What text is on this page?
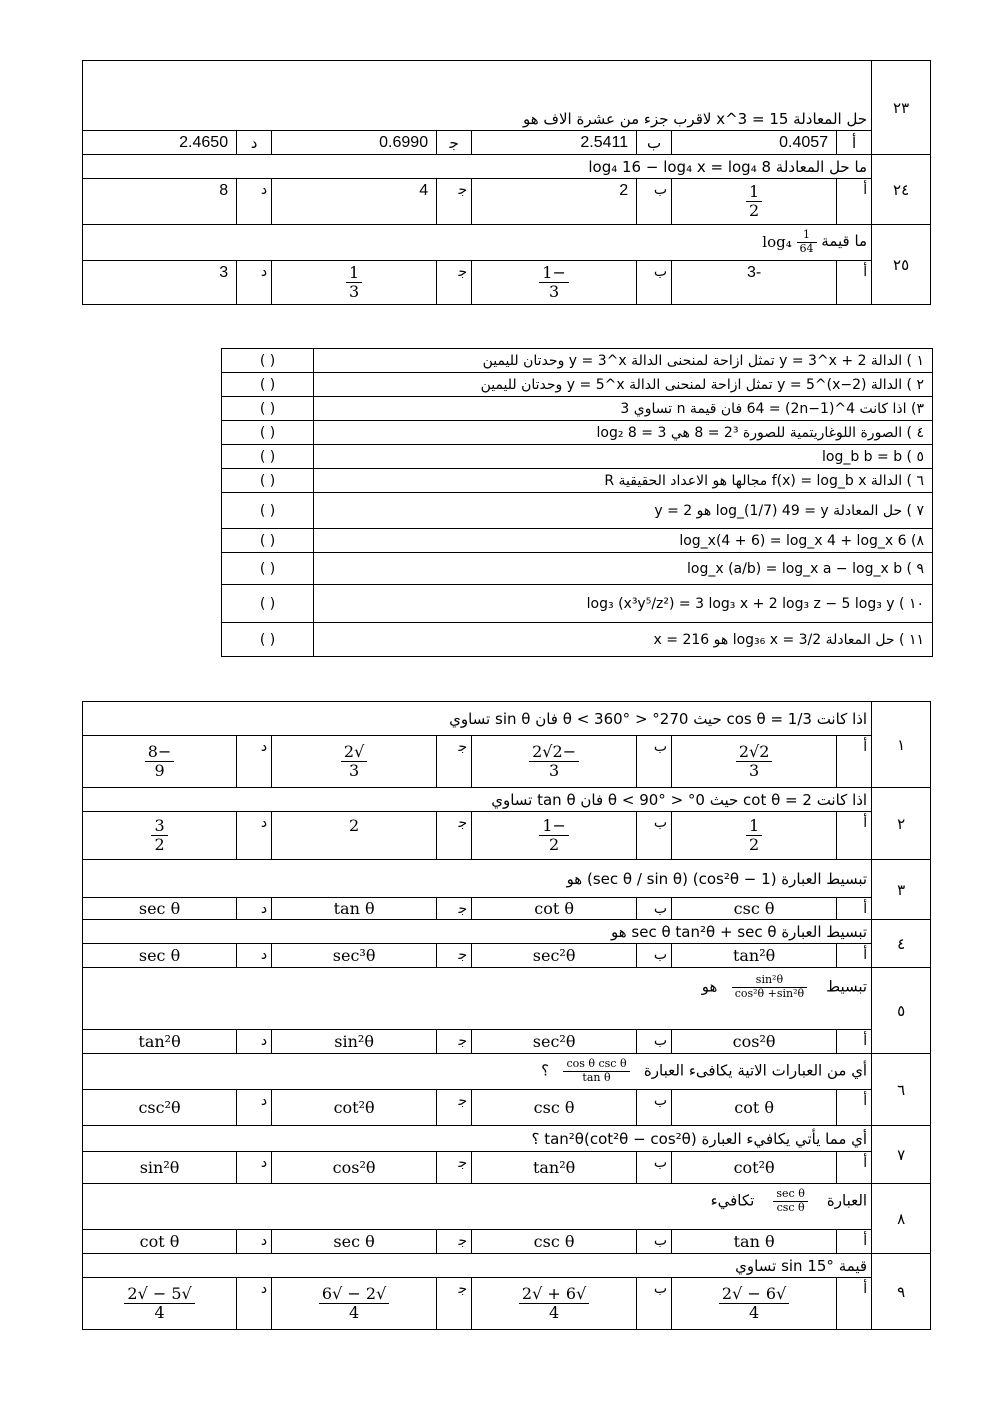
٢٣	حل المعادلة 15 = 3^x لاقرب جزء من عشرة الاف هو							
	أ	0.4057	ب	2.5411	ﺟ	0.6990	د	2.4650
٢٤	ما حل المعادلة log₄ 16 − log₄ x = log₄ 8							
	أ	$\frac{1}{2}$	ب	2	ﺟ	4	د	8
٢٥	ما قيمة $\log_4 \frac{1}{64}$

	أ	-3	ب	$\frac{-1}{3}$	ﺟ	$\frac{1}{3}$	د	3
١ ) الدالة y = 3^x + 2 تمثل ازاحة لمنحنى الدالة y = 3^x وحدتان لليمين	( )
٢ ) الدالة y = 5^(x−2) تمثل ازاحة لمنحنى الدالة y = 5^x وحدتان لليمين	( )
٣) اذا كانت 4^(2n−1) = 64 فان قيمة n تساوي 3	( )
٤ ) الصورة اللوغاريتمية للصورة 2³ = 8 هي log₂ 8 = 3	( )
٥ ) log_b b = b	( )
٦ ) الدالة f(x) = log_b x مجالها هو الاعداد الحقيقية R	( )
٧ ) حل المعادلة log_(1/7) 49 = y هو y = 2	( )
٨) log_x(4 + 6) = log_x 4 + log_x 6	( )
٩ ) log_x (a/b) = log_x a − log_x b	( )
١٠ ) log₃ (x³y⁵/z²) = 3 log₃ x + 2 log₃ z − 5 log₃ y	( )
١١ ) حل المعادلة log₃₆ x = 3/2 هو x = 216	( )
١	اذا كانت cos θ = 1/3 حيث 270° < θ < 360° فان sin θ تساوي							
	أ	$\frac{2√2}{3}$	ب	$\frac{-2√2}{3}$	ﺟ	$\frac{√2}{3}$	د	$\frac{-8}{9}$

٢	اذا كانت cot θ = 2 حيث 0° < θ < 90° فان tan θ تساوي							
	أ	$\frac{1}{2}$	ب	$\frac{-1}{2}$	ﺟ	2	د	$\frac{3}{2}$

٣	تبسيط العبارة (1 − cos²θ) (sec θ / sin θ) هو							
	أ	csc θ	ب	cot θ	ﺟ	tan θ	د	sec θ
٤	تبسيط العبارة sec θ tan²θ + sec θ هو							
	أ	tan²θ	ب	sec²θ	ﺟ	sec³θ	د	sec θ
٥	تبسيط
$\frac{\text{sin²θ}}{\text{cos²θ +sin²θ}}$
هو							
	أ	cos²θ	ب	sec²θ	ﺟ	sin²θ	د	tan²θ
٦	أي من العبارات الاتية يكافىء العبارة
$\frac{\text{cos θ csc θ}}{\text{tan θ}}$
؟							
	أ	cot θ	ب	csc θ	ﺟ	cot²θ	د	csc²θ
٧	أي مما يأتي يكافيء العبارة tan²θ(cot²θ − cos²θ) ؟							
	أ	cot²θ	ب	tan²θ	ﺟ	cos²θ	د	sin²θ
٨	العبارة
$\frac{\text{sec θ}}{\text{csc θ}}$
تكافيء							
	أ	tan θ	ب	csc θ	ﺟ	sec θ	د	cot θ
٩	قيمة sin 15° تساوي							
	أ	$\frac{√6 - √2}{4}$	ب	$\frac{√6 + √2}{4}$	ﺟ	$\frac{√2 - √6}{4}$	د	$\frac{√5 - √2}{4}$
